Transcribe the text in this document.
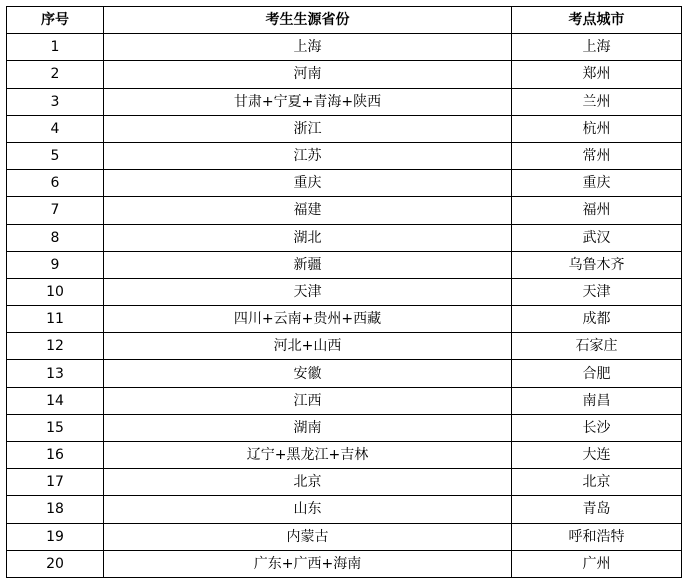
序号	考生生源省份	考点城市
1	上海	上海
2	河南	郑州
3	甘肃+宁夏+青海+陕西	兰州
4	浙江	杭州
5	江苏	常州
6	重庆	重庆
7	福建	福州
8	湖北	武汉
9	新疆	乌鲁木齐
10	天津	天津
11	四川+云南+贵州+西藏	成都
12	河北+山西	石家庄
13	安徽	合肥
14	江西	南昌
15	湖南	长沙
16	辽宁+黑龙江+吉林	大连
17	北京	北京
18	山东	青岛
19	内蒙古	呼和浩特
20	广东+广西+海南	广州
